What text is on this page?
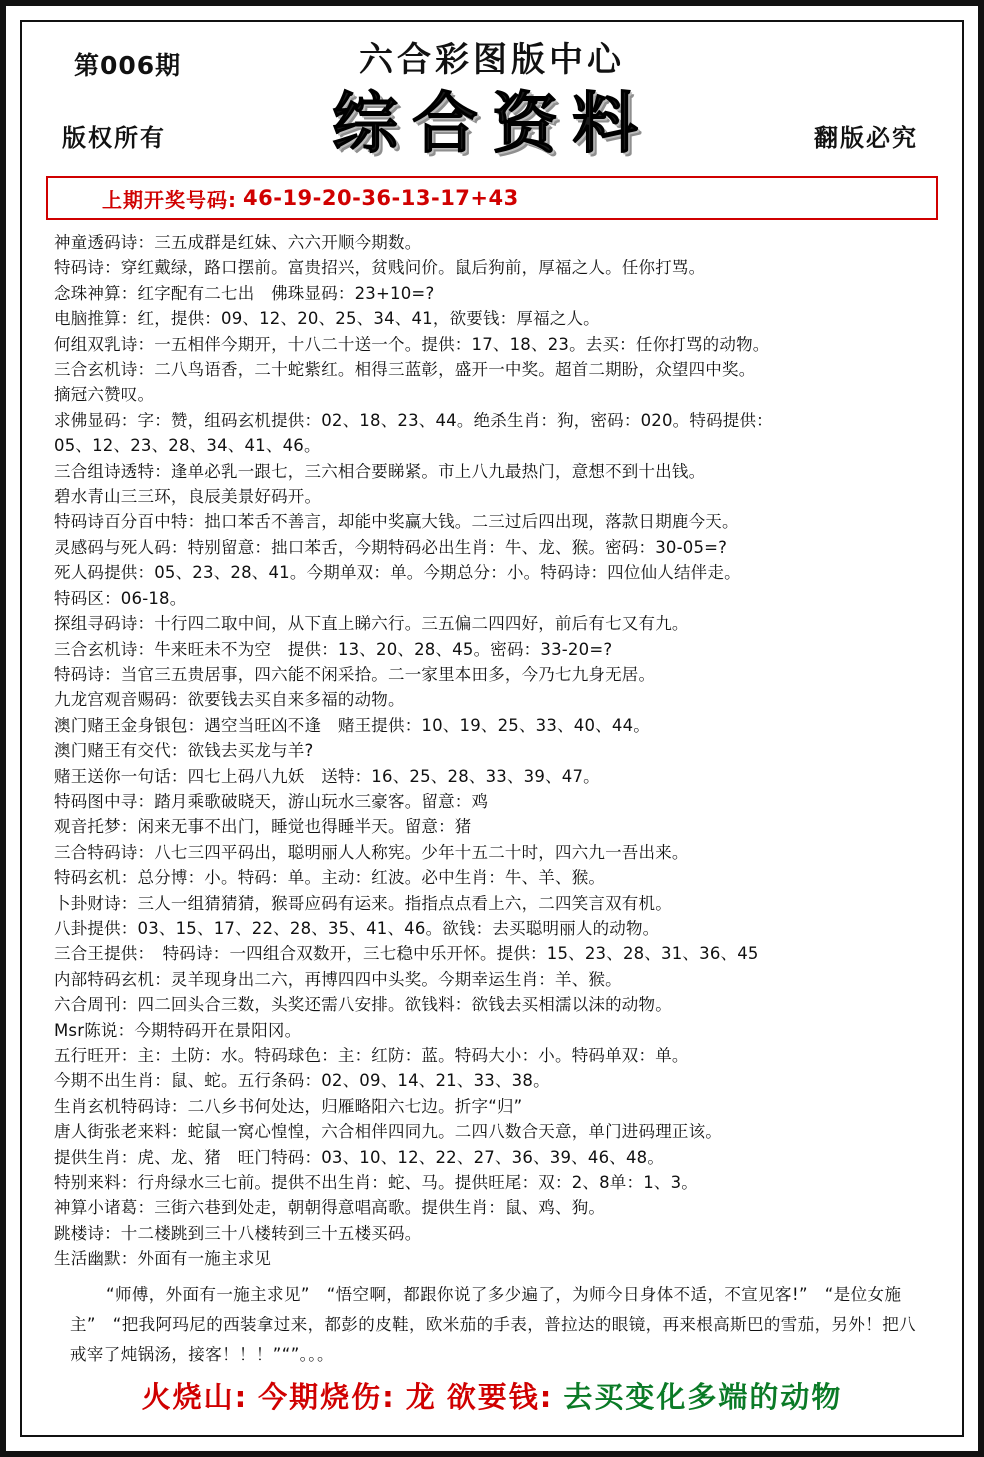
第006期	六合彩图版中心
综合资料
版权所有	翻版必究
上期开奖号码: 46-19-20-36-13-17+43
神童透码诗：三五成群是红妹、六六开顺今期数。
特码诗：穿红戴绿，路口摆前。富贵招兴，贫贱问价。鼠后狗前，厚福之人。任你打骂。
念珠神算：红字配有二七出　佛珠显码：23+10=?
电脑推算：红，提供：09、12、20、25、34、41，欲要钱：厚福之人。
何组双乳诗：一五相伴今期开，十八二十送一个。提供：17、18、23。去买：任你打骂的动物。
三合玄机诗：二八鸟语香，二十蛇紫红。相得三蓝彰，盛开一中奖。超首二期盼，众望四中奖。
摘冠六赞叹。
求佛显码：字：赞，组码玄机提供：02、18、23、44。绝杀生肖：狗，密码：020。特码提供：
05、12、23、28、34、41、46。
三合组诗透特：逢单必乳一跟七，三六相合要睇紧。市上八九最热门，意想不到十出钱。
碧水青山三三环，良辰美景好码开。
特码诗百分百中特：拙口苯舌不善言，却能中奖赢大钱。二三过后四出现，落款日期鹿今天。
灵感码与死人码：特别留意：拙口苯舌，今期特码必出生肖：牛、龙、猴。密码：30-05=?
死人码提供：05、23、28、41。今期单双：单。今期总分：小。特码诗：四位仙人结伴走。
特码区：06-18。
探组寻码诗：十行四二取中间，从下直上睇六行。三五偏二四四好，前后有七又有九。
三合玄机诗：牛来旺未不为空　提供：13、20、28、45。密码：33-20=?
特码诗：当官三五贵居事，四六能不闲采拾。二一家里本田多，今乃七九身无居。
九龙宫观音赐码：欲要钱去买自来多福的动物。
澳门赌王金身银包：遇空当旺凶不逢　赌王提供：10、19、25、33、40、44。
澳门赌王有交代：欲钱去买龙与羊?
赌王送你一句话：四七上码八九妖　送特：16、25、28、33、39、47。
特码图中寻：踏月乘歌破晓天，游山玩水三豪客。留意：鸡
观音托梦：闲来无事不出门，睡觉也得睡半天。留意：猪
三合特码诗：八七三四平码出，聪明丽人人称宪。少年十五二十时，四六九一吾出来。
特码玄机：总分博：小。特码：单。主动：红波。必中生肖：牛、羊、猴。
卜卦财诗：三人一组猜猜猜，猴哥应码有运来。指指点点看上六，二四笑言双有机。
八卦提供：03、15、17、22、28、35、41、46。欲钱：去买聪明丽人的动物。
三合王提供：　特码诗：一四组合双数开，三七稳中乐开怀。提供：15、23、28、31、36、45
内部特码玄机：灵羊现身出二六，再博四四中头奖。今期幸运生肖：羊、猴。
六合周刊：四二回头合三数，头奖还需八安排。欲钱料：欲钱去买相濡以沫的动物。
Msr陈说：今期特码开在景阳冈。
五行旺开：主：土防：水。特码球色：主：红防：蓝。特码大小：小。特码单双：单。
今期不出生肖：鼠、蛇。五行条码：02、09、14、21、33、38。
生肖玄机特码诗：二八乡书何处达，归雁略阳六七边。折字“归”
唐人街张老来料：蛇鼠一窝心惶惶，六合相伴四同九。二四八数合天意，单门进码理正该。
提供生肖：虎、龙、猪　旺门特码：03、10、12、22、27、36、39、46、48。
特别来料：行舟绿水三七前。提供不出生肖：蛇、马。提供旺尾：双：2、8单：1、3。
神算小诸葛：三街六巷到处走，朝朝得意唱高歌。提供生肖：鼠、鸡、狗。
跳楼诗：十二楼跳到三十八楼转到三十五楼买码。
生活幽默：外面有一施主求见

“师傅，外面有一施主求见”　“悟空啊，都跟你说了多少遍了，为师今日身体不适，不宣见客!”　“是位女施主”　“把我阿玛尼的西装拿过来，都彭的皮鞋，欧米茄的手表，普拉达的眼镜，再来根高斯巴的雪茄，另外！把八戒宰了炖锅汤，接客！！！”“”。。。

火烧山: 今期烧伤: 龙 欲要钱: 去买变化多端的动物
